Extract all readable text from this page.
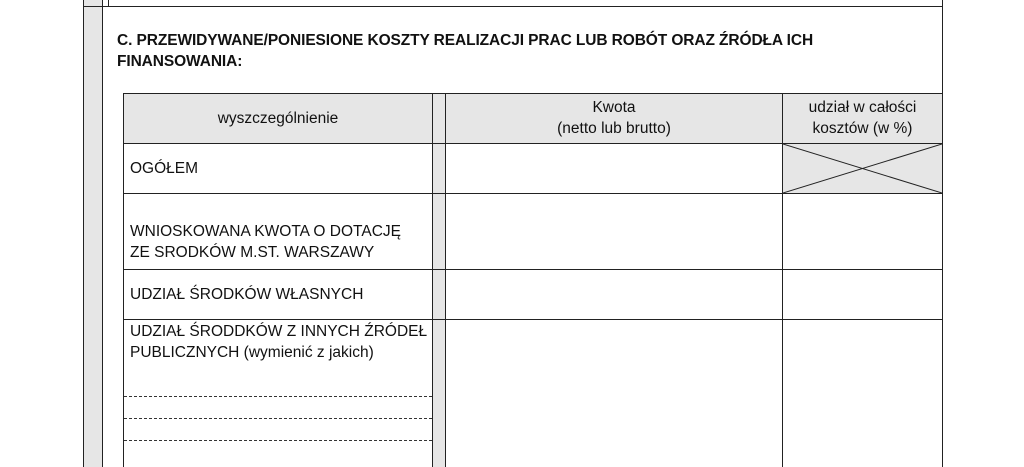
C. PRZEWIDYWANE/PONIESIONE KOSZTY REALIZACJI PRAC LUB ROBÓT ORAZ ŹRÓDŁA ICH FINANSOWANIA:
wyszczególnienie
Kwota
(netto lub brutto)
udział w całości
kosztów (w %)
OGÓŁEM
WNIOSKOWANA KWOTA O DOTACJĘ
ZE SRODKÓW M.ST. WARSZAWY
UDZIAŁ ŚRODKÓW WŁASNYCH
UDZIAŁ ŚRODDKÓW Z INNYCH ŹRÓDEŁ
PUBLICZNYCH (wymienić z jakich)
